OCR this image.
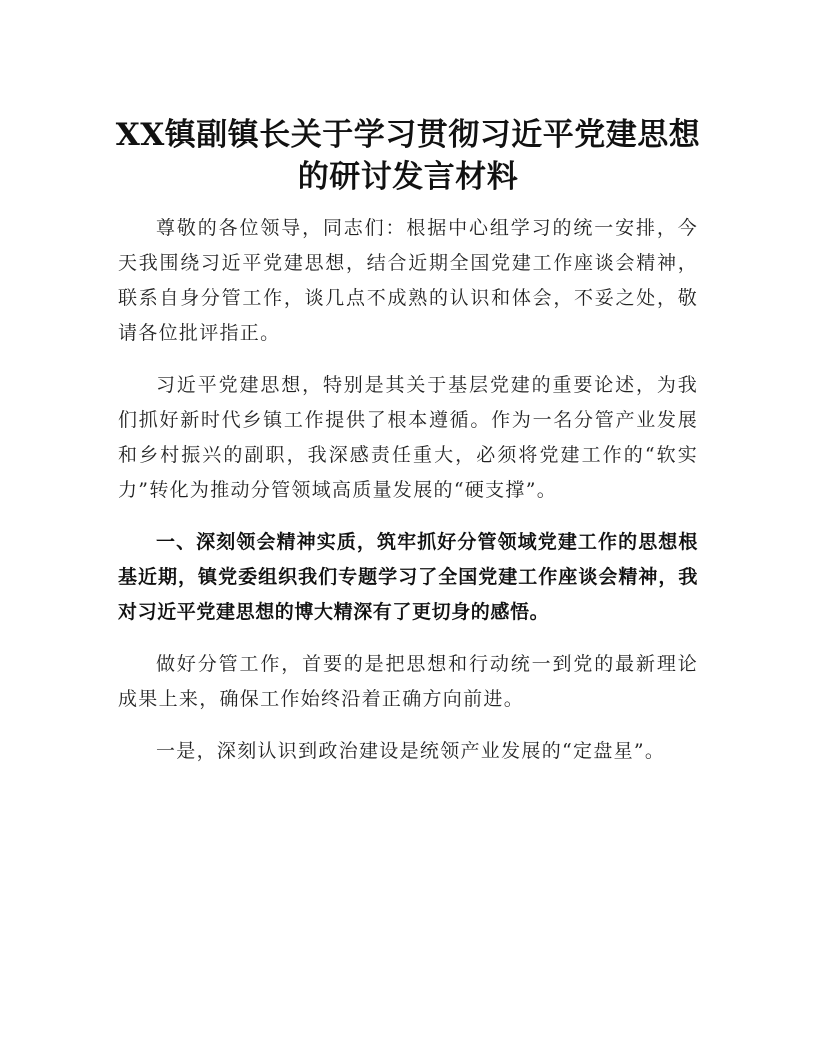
XX镇副镇长关于学习贯彻习近平党建思想
的研讨发言材料

尊敬的各位领导，同志们：根据中心组学习的统一安排，今天我围绕习近平党建思想，结合近期全国党建工作座谈会精神，联系自身分管工作，谈几点不成熟的认识和体会，不妥之处，敬请各位批评指正。

习近平党建思想，特别是其关于基层党建的重要论述，为我们抓好新时代乡镇工作提供了根本遵循。作为一名分管产业发展和乡村振兴的副职，我深感责任重大，必须将党建工作的“软实力”转化为推动分管领域高质量发展的“硬支撑”。

一、深刻领会精神实质，筑牢抓好分管领域党建工作的思想根基近期，镇党委组织我们专题学习了全国党建工作座谈会精神，我对习近平党建思想的博大精深有了更切身的感悟。

做好分管工作，首要的是把思想和行动统一到党的最新理论成果上来，确保工作始终沿着正确方向前进。

一是，深刻认识到政治建设是统领产业发展的“定盘星”。
